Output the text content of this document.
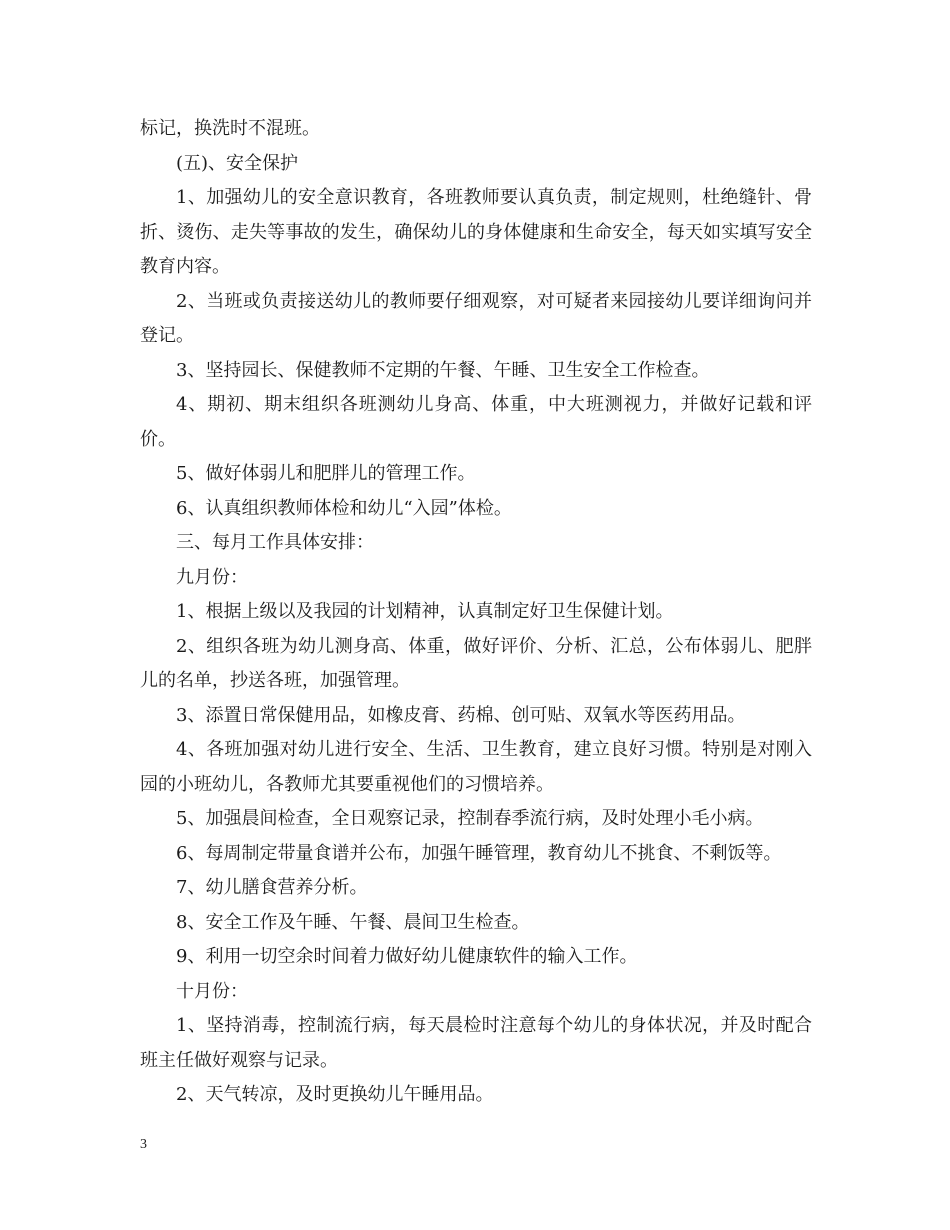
标记，换洗时不混班。

(五)、安全保护

1、加强幼儿的安全意识教育，各班教师要认真负责，制定规则，杜绝缝针、骨折、烫伤、走失等事故的发生，确保幼儿的身体健康和生命安全，每天如实填写安全教育内容。

2、当班或负责接送幼儿的教师要仔细观察，对可疑者来园接幼儿要详细询问并登记。

3、坚持园长、保健教师不定期的午餐、午睡、卫生安全工作检查。

4、期初、期末组织各班测幼儿身高、体重，中大班测视力，并做好记载和评价。

5、做好体弱儿和肥胖儿的管理工作。

6、认真组织教师体检和幼儿“入园”体检。

三、每月工作具体安排：

九月份：

1、根据上级以及我园的计划精神，认真制定好卫生保健计划。

2、组织各班为幼儿测身高、体重，做好评价、分析、汇总，公布体弱儿、肥胖儿的名单，抄送各班，加强管理。

3、添置日常保健用品，如橡皮膏、药棉、创可贴、双氧水等医药用品。

4、各班加强对幼儿进行安全、生活、卫生教育，建立良好习惯。特别是对刚入园的小班幼儿，各教师尤其要重视他们的习惯培养。

5、加强晨间检查，全日观察记录，控制春季流行病，及时处理小毛小病。

6、每周制定带量食谱并公布，加强午睡管理，教育幼儿不挑食、不剩饭等。

7、幼儿膳食营养分析。

8、安全工作及午睡、午餐、晨间卫生检查。

9、利用一切空余时间着力做好幼儿健康软件的输入工作。

十月份：

1、坚持消毒，控制流行病，每天晨检时注意每个幼儿的身体状况，并及时配合班主任做好观察与记录。

2、天气转凉，及时更换幼儿午睡用品。

3
